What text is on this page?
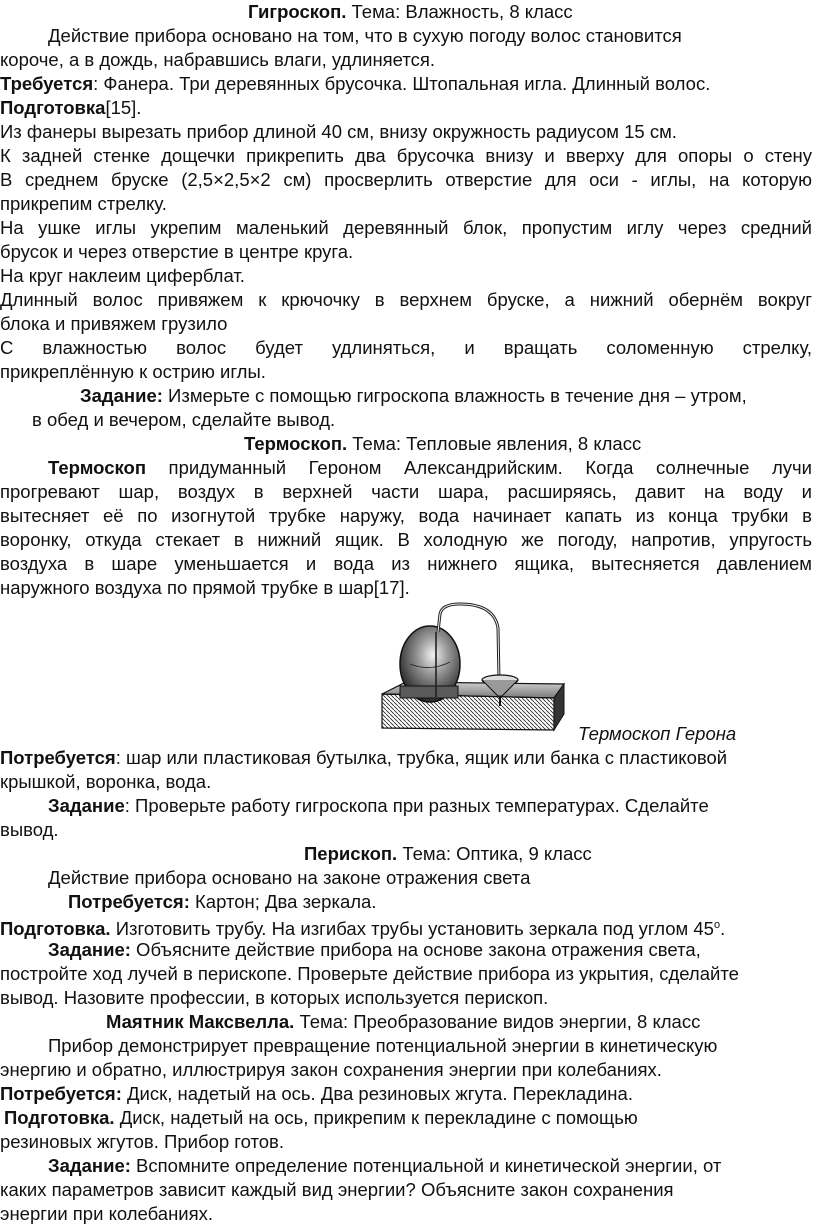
Гигроскоп. Тема: Влажность, 8 класс
Действие прибора основано на том, что в сухую погоду волос становится
короче, а в дождь, набравшись влаги, удлиняется.
Требуется: Фанера. Три деревянных брусочка. Штопальная игла. Длинный волос.
Подготовка[15].
Из фанеры вырезать прибор длиной 40 см, внизу окружность радиусом 15 см.
К задней стенке дощечки прикрепить два брусочка внизу и вверху для опоры о стену
В среднем бруске (2,5×2,5×2 см) просверлить отверстие для оси - иглы, на которую
прикрепим стрелку.
На ушке иглы укрепим маленький деревянный блок, пропустим иглу через средний
брусок и через отверстие в центре круга.
На круг наклеим циферблат.
Длинный волос привяжем к крючочку в верхнем бруске, а нижний обернём вокруг
блока и привяжем грузило
С влажностью волос будет удлиняться, и вращать соломенную стрелку,
прикреплённую к острию иглы.
Задание: Измерьте с помощью гигроскопа влажность в течение дня – утром,
в обед и вечером, сделайте вывод.
Термоскоп. Тема: Тепловые явления, 8 класс
Термоскоп придуманный Героном Александрийским. Когда солнечные лучи
прогревают шар, воздух в верхней части шара, расширяясь, давит на воду и
вытесняет её по изогнутой трубке наружу, вода начинает капать из конца трубки в
воронку, откуда стекает в нижний ящик. В холодную же погоду, напротив, упругость
воздуха в шаре уменьшается и вода из нижнего ящика, вытесняется давлением
наружного воздуха по прямой трубке в шар[17].
Термоскоп Герона
Потребуется: шар или пластиковая бутылка, трубка, ящик или банка с пластиковой
крышкой, воронка, вода.
Задание: Проверьте работу гигроскопа при разных температурах. Сделайте
вывод.
Перископ. Тема: Оптика, 9 класс
Действие прибора основано на законе отражения света
Потребуется: Картон; Два зеркала.
Подготовка. Изготовить трубу. На изгибах трубы установить зеркала под углом $45^о$.
Задание: Объясните действие прибора на основе закона отражения света,
постройте ход лучей в перископе. Проверьте действие прибора из укрытия, сделайте
вывод. Назовите профессии, в которых используется перископ.
Маятник Максвелла. Тема: Преобразование видов энергии, 8 класс
Прибор демонстрирует превращение потенциальной энергии в кинетическую
энергию и обратно, иллюстрируя закон сохранения энергии при колебаниях.
Потребуется: Диск, надетый на ось. Два резиновых жгута. Перекладина.
Подготовка. Диск, надетый на ось, прикрепим к перекладине с помощью
резиновых жгутов. Прибор готов.
Задание: Вспомните определение потенциальной и кинетической энергии, от
каких параметров зависит каждый вид энергии? Объясните закон сохранения
энергии при колебаниях.
